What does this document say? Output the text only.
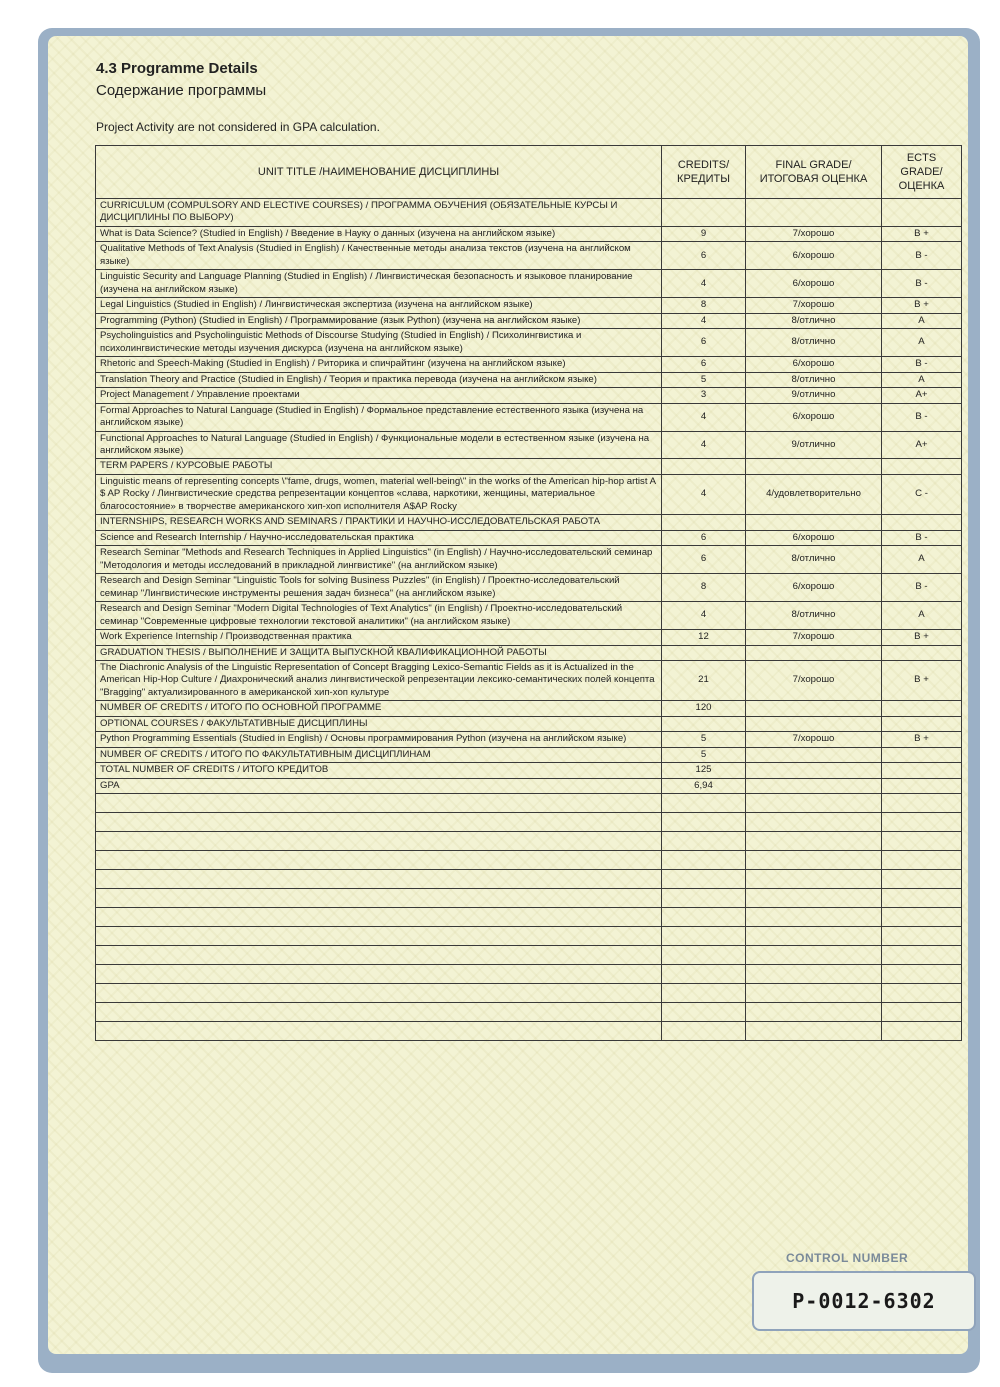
4.3 Programme Details
Содержание программы
Project Activity are not considered in GPA calculation.
UNIT TITLE /НАИМЕНОВАНИЕ ДИСЦИПЛИНЫ	CREDITS/ КРЕДИТЫ	FINAL GRADE/ ИТОГОВАЯ ОЦЕНКА	ECTS GRADE/ ОЦЕНКА
CURRICULUM (COMPULSORY AND ELECTIVE COURSES) / ПРОГРАММА ОБУЧЕНИЯ (ОБЯЗАТЕЛЬНЫЕ КУРСЫ И ДИСЦИПЛИНЫ ПО ВЫБОРУ)			
What is Data Science? (Studied in English) / Введение в Науку о данных (изучена на английском языке)	9	7/хорошо	B +
Qualitative Methods of Text Analysis (Studied in English) / Качественные методы анализа текстов (изучена на английском языке)	6	6/хорошо	B -
Linguistic Security and Language Planning (Studied in English) / Лингвистическая безопасность и языковое планирование (изучена на английском языке)	4	6/хорошо	B -
Legal Linguistics (Studied in English) / Лингвистическая экспертиза (изучена на английском языке)	8	7/хорошо	B +
Programming (Python) (Studied in English) / Программирование (язык Python) (изучена на английском языке)	4	8/отлично	A
Psycholinguistics and Psycholinguistic Methods of Discourse Studying (Studied in English) / Психолингвистика и психолингвистические методы изучения дискурса (изучена на английском языке)	6	8/отлично	A
Rhetoric and Speech-Making (Studied in English) / Риторика и спичрайтинг (изучена на английском языке)	6	6/хорошо	B -
Translation Theory and Practice (Studied in English) / Теория и практика перевода (изучена на английском языке)	5	8/отлично	A
Project Management / Управление проектами	3	9/отлично	A+
Formal Approaches to Natural Language (Studied in English) / Формальное представление естественного языка (изучена на английском языке)	4	6/хорошо	B -
Functional Approaches to Natural Language (Studied in English) / Функциональные модели в естественном языке (изучена на английском языке)	4	9/отлично	A+
TERM PAPERS / КУРСОВЫЕ РАБОТЫ			
Linguistic means of representing concepts \"fame, drugs, women, material well-being\" in the works of the American hip-hop artist A $ AP Rocky / Лингвистические средства репрезентации концептов «слава, наркотики, женщины, материальное благосостояние» в творчестве американского хип-хоп исполнителя A$AP Rocky	4	4/удовлетворительно	C -
INTERNSHIPS, RESEARCH WORKS AND SEMINARS / ПРАКТИКИ И НАУЧНО-ИССЛЕДОВАТЕЛЬСКАЯ РАБОТА			
Science and Research Internship / Научно-исследовательская практика	6	6/хорошо	B -
Research Seminar "Methods and Research Techniques in Applied Linguistics" (in English) / Научно-исследовательский семинар "Методология и методы исследований в прикладной лингвистике" (на английском языке)	6	8/отлично	A
Research and Design Seminar "Linguistic Tools for solving Business Puzzles" (in English) / Проектно-исследовательский семинар "Лингвистические инструменты решения задач бизнеса" (на английском языке)	8	6/хорошо	B -
Research and Design Seminar "Modern Digital Technologies of Text Analytics" (in English) / Проектно-исследовательский семинар "Современные цифровые технологии текстовой аналитики" (на английском языке)	4	8/отлично	A
Work Experience Internship / Производственная практика	12	7/хорошо	B +
GRADUATION THESIS / ВЫПОЛНЕНИЕ И ЗАЩИТА ВЫПУСКНОЙ КВАЛИФИКАЦИОННОЙ РАБОТЫ			
The Diachronic Analysis of the Linguistic Representation of Concept Bragging Lexico-Semantic Fields as it is Actualized in the American Hip-Hop Culture / Диахронический анализ лингвистической репрезентации лексико-семантических полей концепта "Bragging" актуализированного в американской хип-хоп культуре	21	7/хорошо	B +
NUMBER OF CREDITS / ИТОГО ПО ОСНОВНОЙ ПРОГРАММЕ	120		
OPTIONAL COURSES / ФАКУЛЬТАТИВНЫЕ ДИСЦИПЛИНЫ			
Python Programming Essentials (Studied in English) / Основы программирования Python (изучена на английском языке)	5	7/хорошо	B +
NUMBER OF CREDITS / ИТОГО ПО ФАКУЛЬТАТИВНЫМ ДИСЦИПЛИНАМ	5		
TOTAL NUMBER OF CREDITS / ИТОГО КРЕДИТОВ	125		
GPA	6,94		

CONTROL NUMBER
P-0012-6302
